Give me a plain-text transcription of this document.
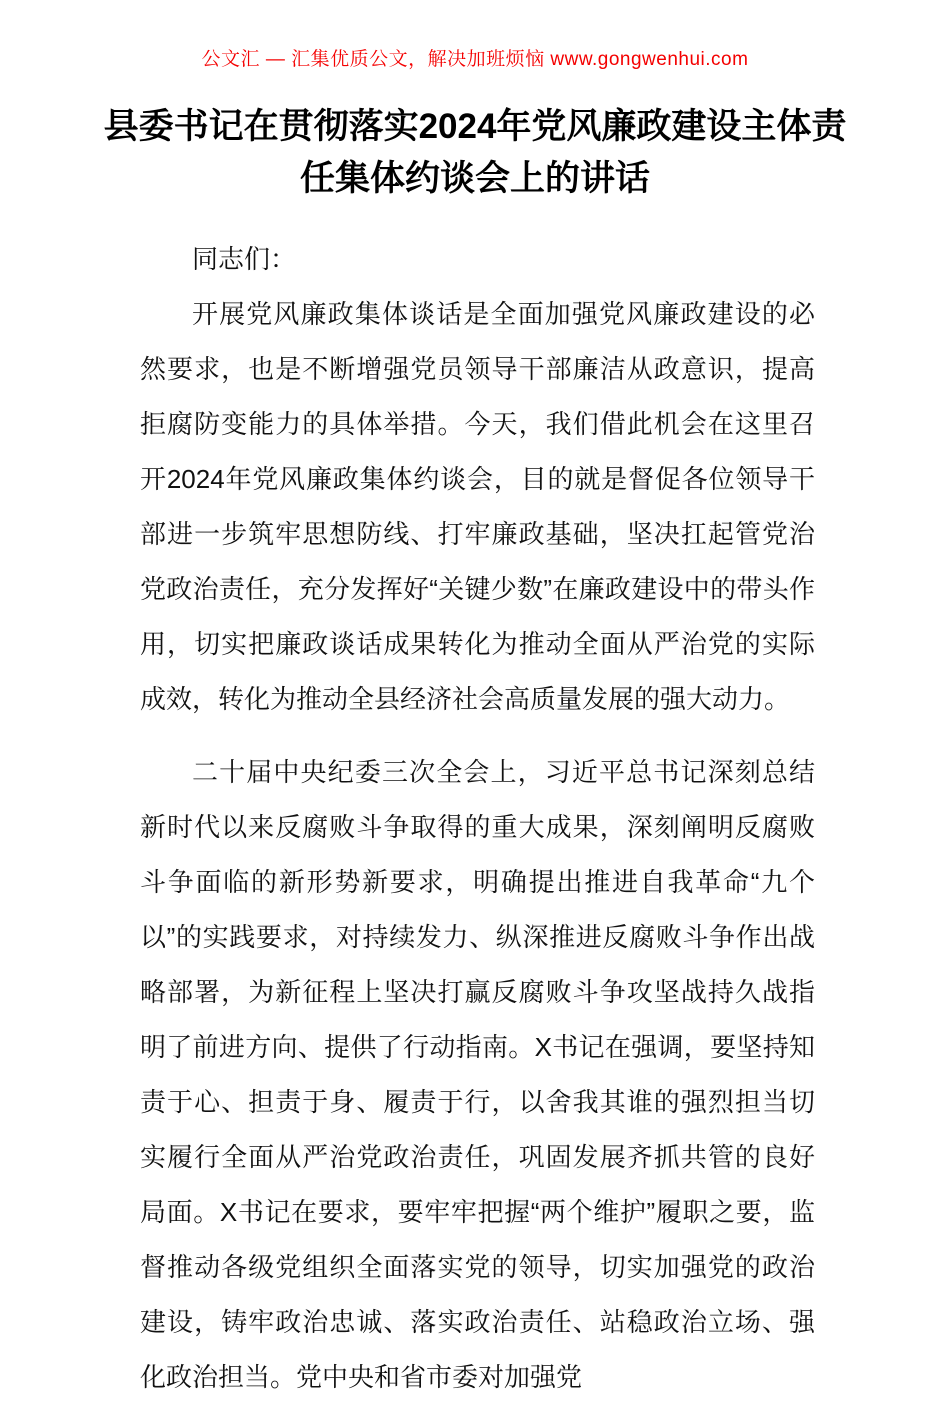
公文汇 — 汇集优质公文，解决加班烦恼 www.gongwenhui.com
县委书记在贯彻落实2024年党风廉政建设主体责任集体约谈会上的讲话

同志们：

开展党风廉政集体谈话是全面加强党风廉政建设的必然要求，也是不断增强党员领导干部廉洁从政意识，提高拒腐防变能力的具体举措。今天，我们借此机会在这里召开2024年党风廉政集体约谈会，目的就是督促各位领导干部进一步筑牢思想防线、打牢廉政基础，坚决扛起管党治党政治责任，充分发挥好“关键少数”在廉政建设中的带头作用，切实把廉政谈话成果转化为推动全面从严治党的实际成效，转化为推动全县经济社会高质量发展的强大动力。

二十届中央纪委三次全会上，习近平总书记深刻总结新时代以来反腐败斗争取得的重大成果，深刻阐明反腐败斗争面临的新形势新要求，明确提出推进自我革命“九个以”的实践要求，对持续发力、纵深推进反腐败斗争作出战略部署，为新征程上坚决打赢反腐败斗争攻坚战持久战指明了前进方向、提供了行动指南。X书记在强调，要坚持知责于心、担责于身、履责于行，以舍我其谁的强烈担当切实履行全面从严治党政治责任，巩固发展齐抓共管的良好局面。X书记在要求，要牢牢把握“两个维护”履职之要，监督推动各级党组织全面落实党的领导，切实加强党的政治建设，铸牢政治忠诚、落实政治责任、站稳政治立场、强化政治担当。党中央和省市委对加强党
